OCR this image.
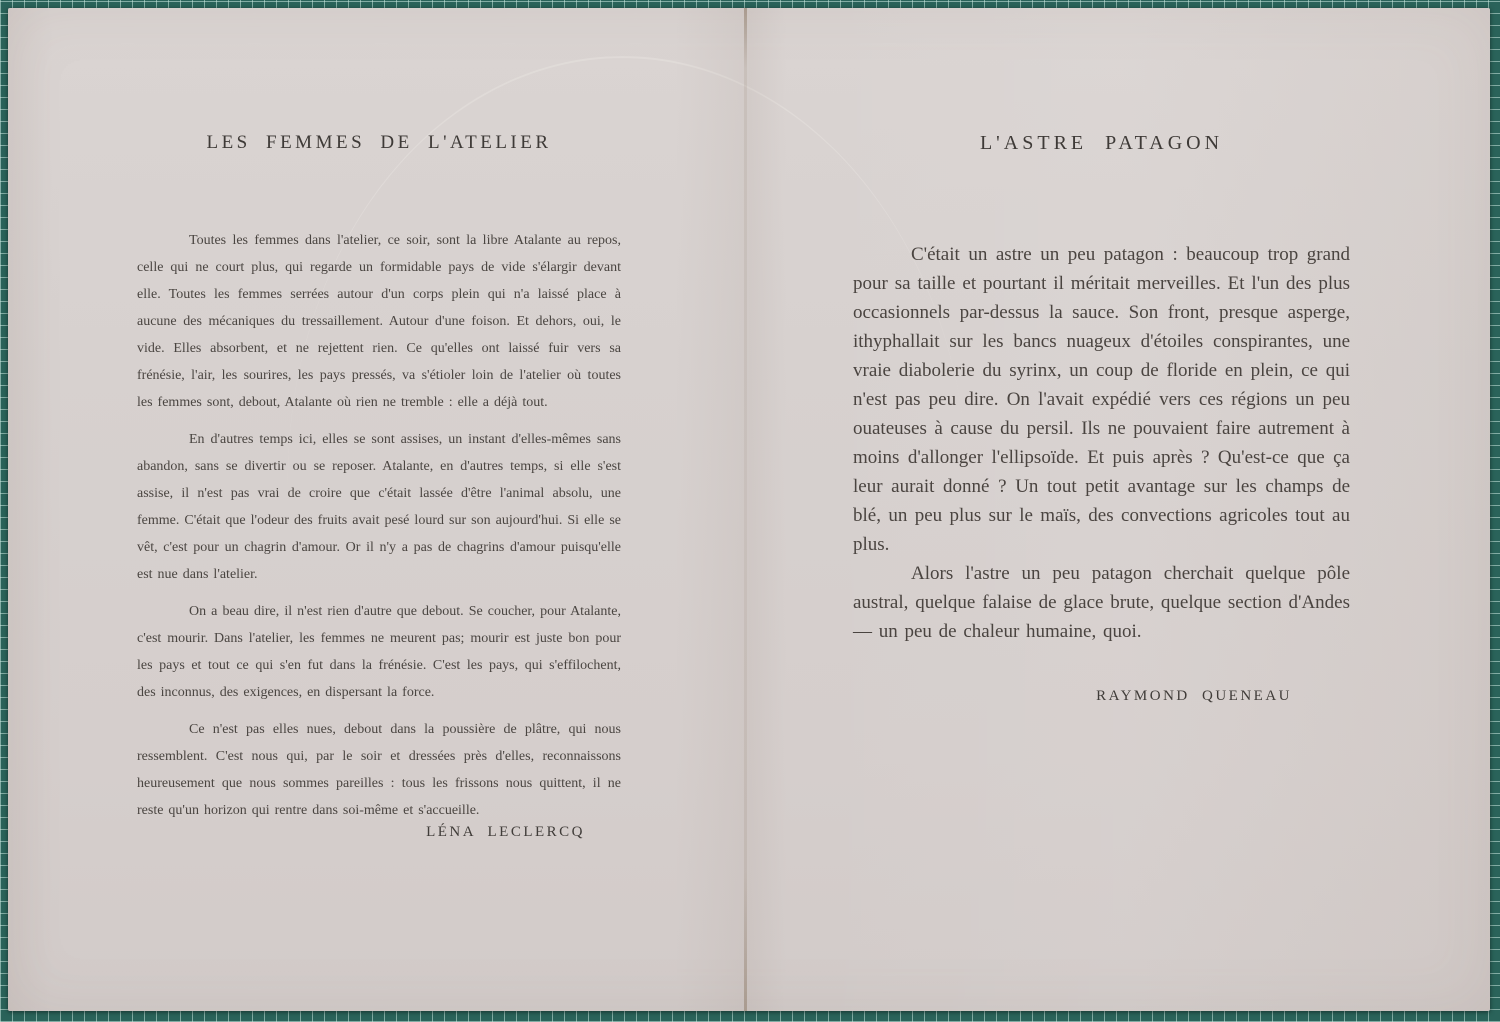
LES FEMMES DE L'ATELIER

Toutes les femmes dans l'atelier, ce soir, sont la libre Atalante au repos, celle qui ne court plus, qui regarde un formidable pays de vide s'élargir devant elle. Toutes les femmes serrées autour d'un corps plein qui n'a laissé place à aucune des mécaniques du tressaillement. Autour d'une foison. Et dehors, oui, le vide. Elles absorbent, et ne rejettent rien. Ce qu'elles ont laissé fuir vers sa frénésie, l'air, les sourires, les pays pressés, va s'étioler loin de l'atelier où toutes les femmes sont, debout, Atalante où rien ne tremble : elle a déjà tout.

En d'autres temps ici, elles se sont assises, un instant d'elles-mêmes sans abandon, sans se divertir ou se reposer. Atalante, en d'autres temps, si elle s'est assise, il n'est pas vrai de croire que c'était lassée d'être l'animal absolu, une femme. C'était que l'odeur des fruits avait pesé lourd sur son aujourd'hui. Si elle se vêt, c'est pour un chagrin d'amour. Or il n'y a pas de chagrins d'amour puisqu'elle est nue dans l'atelier.

On a beau dire, il n'est rien d'autre que debout. Se coucher, pour Atalante, c'est mourir. Dans l'atelier, les femmes ne meurent pas; mourir est juste bon pour les pays et tout ce qui s'en fut dans la frénésie. C'est les pays, qui s'effilochent, des inconnus, des exigences, en dispersant la force.

Ce n'est pas elles nues, debout dans la poussière de plâtre, qui nous ressemblent. C'est nous qui, par le soir et dressées près d'elles, reconnaissons heureusement que nous sommes pareilles : tous les frissons nous quittent, il ne reste qu'un horizon qui rentre dans soi-même et s'accueille.

LÉNA LECLERCQ
L'ASTRE PATAGON

C'était un astre un peu patagon : beaucoup trop grand pour sa taille et pourtant il méritait merveilles. Et l'un des plus occasionnels par-dessus la sauce. Son front, presque asperge, ithyphallait sur les bancs nuageux d'étoiles conspirantes, une vraie diabolerie du syrinx, un coup de floride en plein, ce qui n'est pas peu dire. On l'avait expédié vers ces régions un peu ouateuses à cause du persil. Ils ne pouvaient faire autrement à moins d'allonger l'ellipsoïde. Et puis après ? Qu'est-ce que ça leur aurait donné ? Un tout petit avantage sur les champs de blé, un peu plus sur le maïs, des convections agricoles tout au plus.

Alors l'astre un peu patagon cherchait quelque pôle austral, quelque falaise de glace brute, quelque section d'Andes — un peu de chaleur humaine, quoi.

RAYMOND QUENEAU
